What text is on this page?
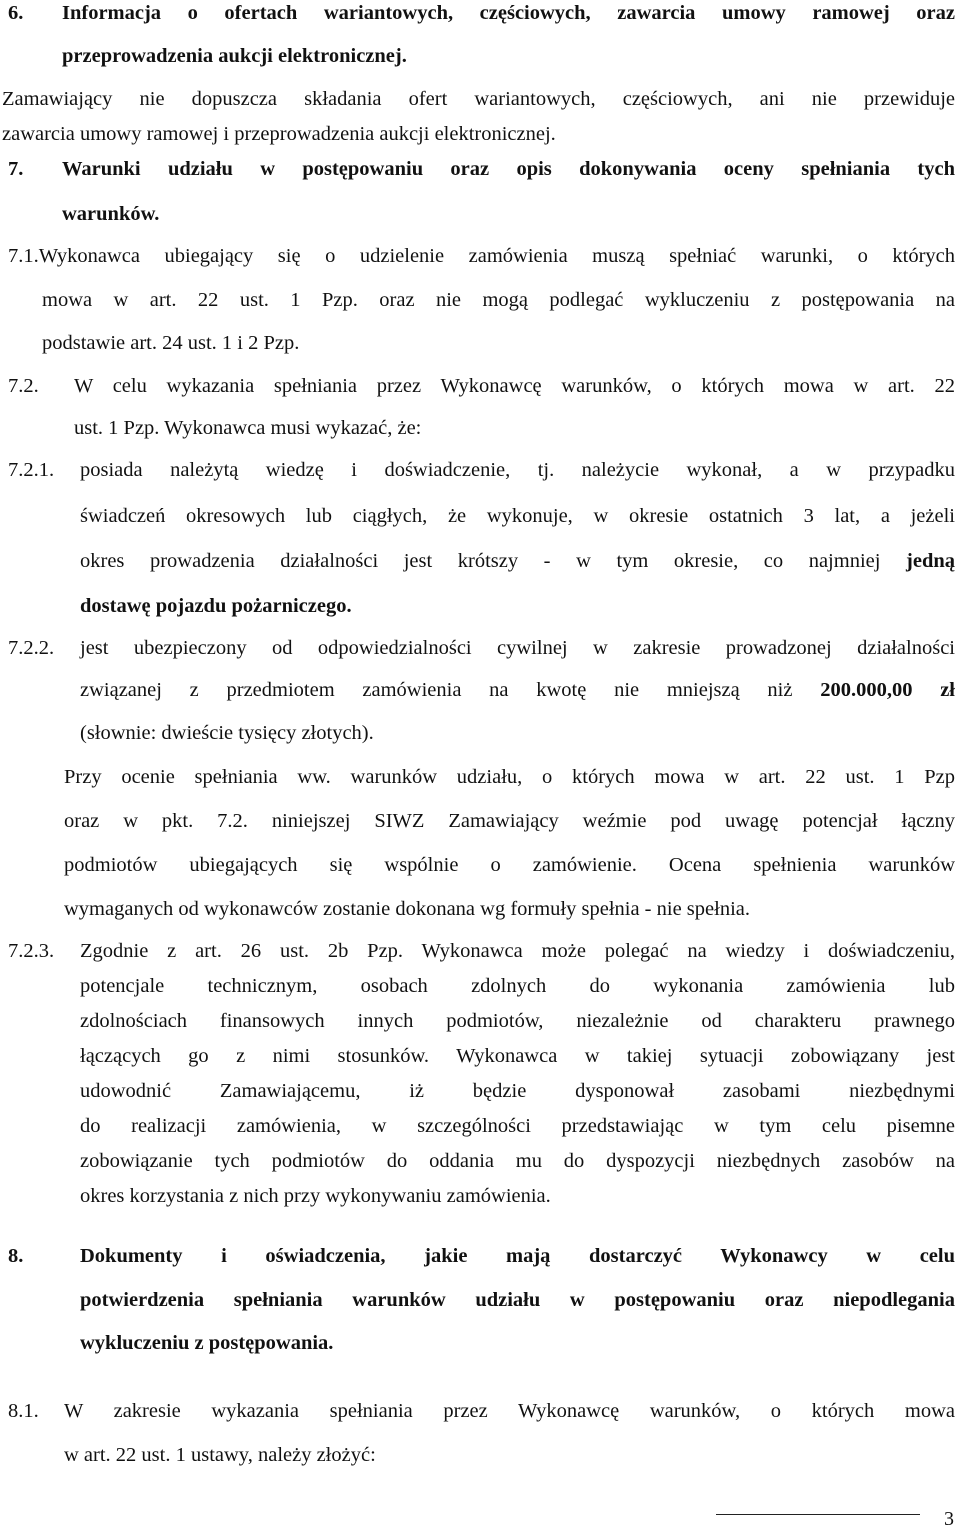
6.	Informacja o ofertach wariantowych, częściowych, zawarcia umowy ramowej oraz
przeprowadzenia aukcji elektronicznej.
Zamawiający nie dopuszcza składania ofert wariantowych, częściowych, ani nie przewiduje
zawarcia umowy ramowej i przeprowadzenia aukcji elektronicznej.
7.	Warunki udziału w postępowaniu oraz opis dokonywania oceny spełniania tych
warunków.
7.1.Wykonawca ubiegający się o udzielenie zamówienia muszą spełniać warunki, o których
mowa w art. 22 ust. 1 Pzp. oraz nie mogą podlegać wykluczeniu z postępowania na
podstawie art. 24 ust. 1 i 2 Pzp.
7.2.	W celu wykazania spełniania przez Wykonawcę warunków, o których mowa w art. 22
ust. 1 Pzp. Wykonawca musi wykazać, że:
7.2.1.	posiada należytą wiedzę i doświadczenie, tj. należycie wykonał, a w przypadku
świadczeń okresowych lub ciągłych, że wykonuje, w okresie ostatnich 3 lat, a jeżeli
okres prowadzenia działalności jest krótszy - w tym okresie, co najmniej jedną
dostawę pojazdu pożarniczego.
7.2.2.	jest ubezpieczony od odpowiedzialności cywilnej w zakresie prowadzonej działalności
związanej z przedmiotem zamówienia na kwotę nie mniejszą niż 200.000,00 zł
(słownie: dwieście tysięcy złotych).
Przy ocenie spełniania ww. warunków udziału, o których mowa w art. 22 ust. 1 Pzp
oraz w pkt. 7.2. niniejszej SIWZ Zamawiający weźmie pod uwagę potencjał łączny
podmiotów ubiegających się wspólnie o zamówienie. Ocena spełnienia warunków
wymaganych od wykonawców zostanie dokonana wg formuły spełnia - nie spełnia.
7.2.3.	Zgodnie z art. 26 ust. 2b Pzp. Wykonawca może polegać na wiedzy i doświadczeniu,
potencjale technicznym, osobach zdolnych do wykonania zamówienia lub
zdolnościach finansowych innych podmiotów, niezależnie od charakteru prawnego
łączących go z nimi stosunków. Wykonawca w takiej sytuacji zobowiązany jest
udowodnić Zamawiającemu, iż będzie dysponował zasobami niezbędnymi
do realizacji zamówienia, w szczególności przedstawiając w tym celu pisemne
zobowiązanie tych podmiotów do oddania mu do dyspozycji niezbędnych zasobów na
okres korzystania z nich przy wykonywaniu zamówienia.
8.	Dokumenty i oświadczenia, jakie mają dostarczyć Wykonawcy w celu
potwierdzenia spełniania warunków udziału w postępowaniu oraz niepodlegania
wykluczeniu z postępowania.
8.1.	W zakresie wykazania spełniania przez Wykonawcę warunków, o których mowa
w art. 22 ust. 1 ustawy, należy złożyć:
3
